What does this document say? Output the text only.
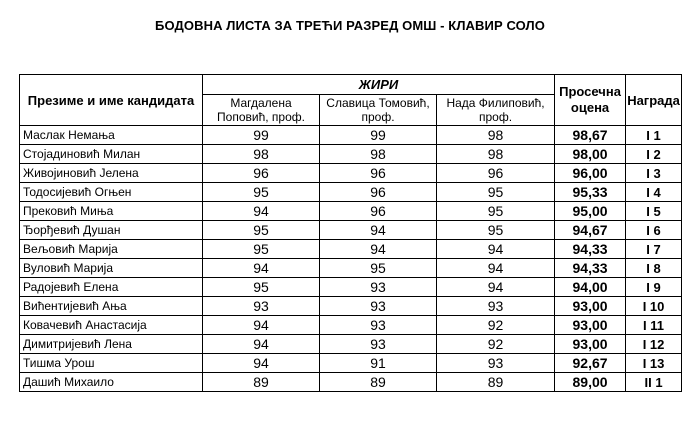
БОДОВНА ЛИСТА ЗА ТРЕЋИ РАЗРЕД ОМШ - КЛАВИР СОЛО
Презиме и име кандидата	ЖИРИ			Просечна оцена	Награда
	Магдалена Поповић, проф.	Славица Томовић, проф.	Нада Филиповић, проф.		
Маслак Немања	99	99	98	98,67	I 1
Стојадиновић Милан	98	98	98	98,00	I 2
Живојиновић Јелена	96	96	96	96,00	I 3
Тодосијевић Огњен	95	96	95	95,33	I 4
Прековић Миња	94	96	95	95,00	I 5
Ђорђевић Душан	95	94	95	94,67	I 6
Вељовић Марија	95	94	94	94,33	I 7
Вуловић Марија	94	95	94	94,33	I 8
Радојевић Елена	95	93	94	94,00	I 9
Вићентијевић Ања	93	93	93	93,00	I 10
Ковачевић Анастасија	94	93	92	93,00	I 11
Димитријевић Лена	94	93	92	93,00	I 12
Тишма Урош	94	91	93	92,67	I 13
Дашић Михаило	89	89	89	89,00	II 1
